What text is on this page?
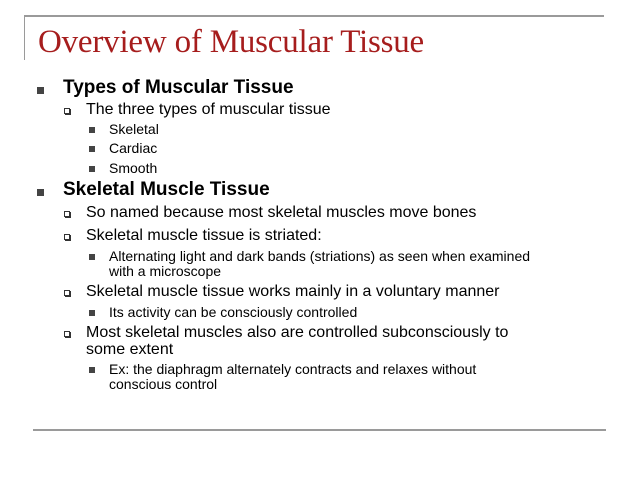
Overview of Muscular Tissue
Types of Muscular Tissue
The three types of muscular tissue
Skeletal
Cardiac
Smooth
Skeletal Muscle Tissue
So named because most skeletal muscles move bones
Skeletal muscle tissue is striated:
Alternating light and dark bands (striations) as seen when examined
with a microscope
Skeletal muscle tissue works mainly in a voluntary manner
Its activity can be consciously controlled
Most skeletal muscles also are controlled subconsciously to
some extent
Ex: the diaphragm alternately contracts and relaxes without
conscious control
